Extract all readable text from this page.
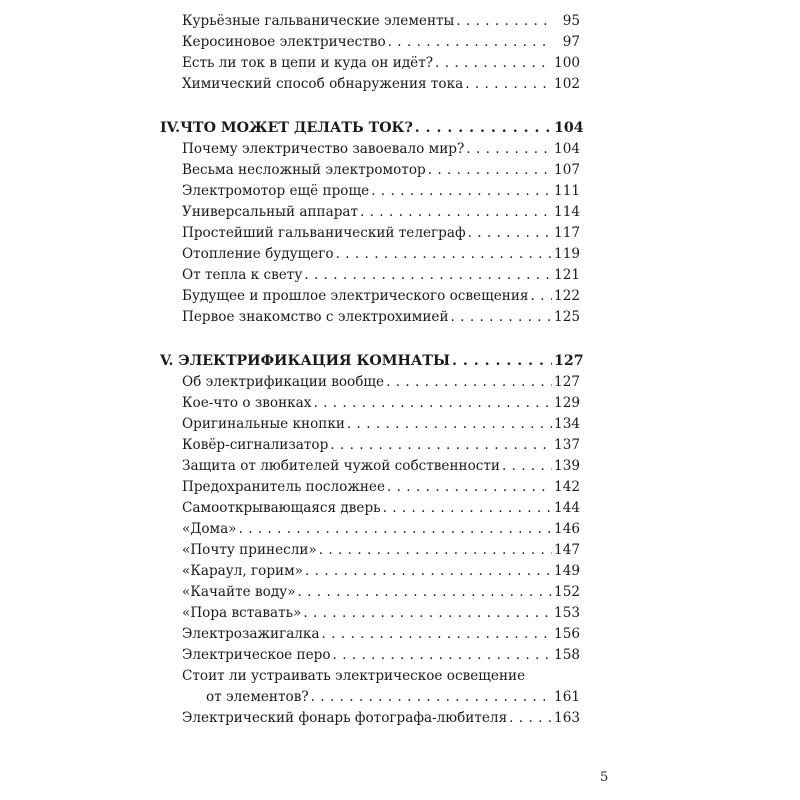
Курьёзные гальванические элементы . . .	95
Керосиновое электричество . . .	97
Есть ли ток в цепи и куда он идёт? . . .	100
Химический способ обнаружения тока . . .	102
IV.ЧТО МОЖЕТ ДЕЛАТЬ ТОК? . . .	104
Почему электричество завоевало мир? . . .	104
Весьма несложный электромотор . . .	107
Электромотор ещё проще . . .	111
Универсальный аппарат . . .	114
Простейший гальванический телеграф . . .	117
Отопление будущего . . .	119
От тепла к свету . . .	121
Будущее и прошлое электрического освещения . . . 122
Первое знакомство с электрохимией . . .	125
V. ЭЛЕКТРИФИКАЦИЯ КОМНАТЫ . . .	127
Об электрификации вообще . . .	127
Кое-что о звонках . . .	129
Оригинальные кнопки . . .	134
Ковёр-сигнализатор . . .	137
Защита от любителей чужой собственности . . .	139
Предохранитель посложнее . . .	142
Самооткрывающаяся дверь . . .	144
«Дома» . . .	146
«Почту принесли» . . .	147
«Караул, горим» . . .	149
«Качайте воду» . . .	152
«Пора вставать» . . .	153
Электрозажигалка . . .	156
Электрическое перо . . .	158
Стоит ли устраивать электрическое освещение
от элементов? . . .	161
Электрический фонарь фотографа-любителя . . .	163
5
